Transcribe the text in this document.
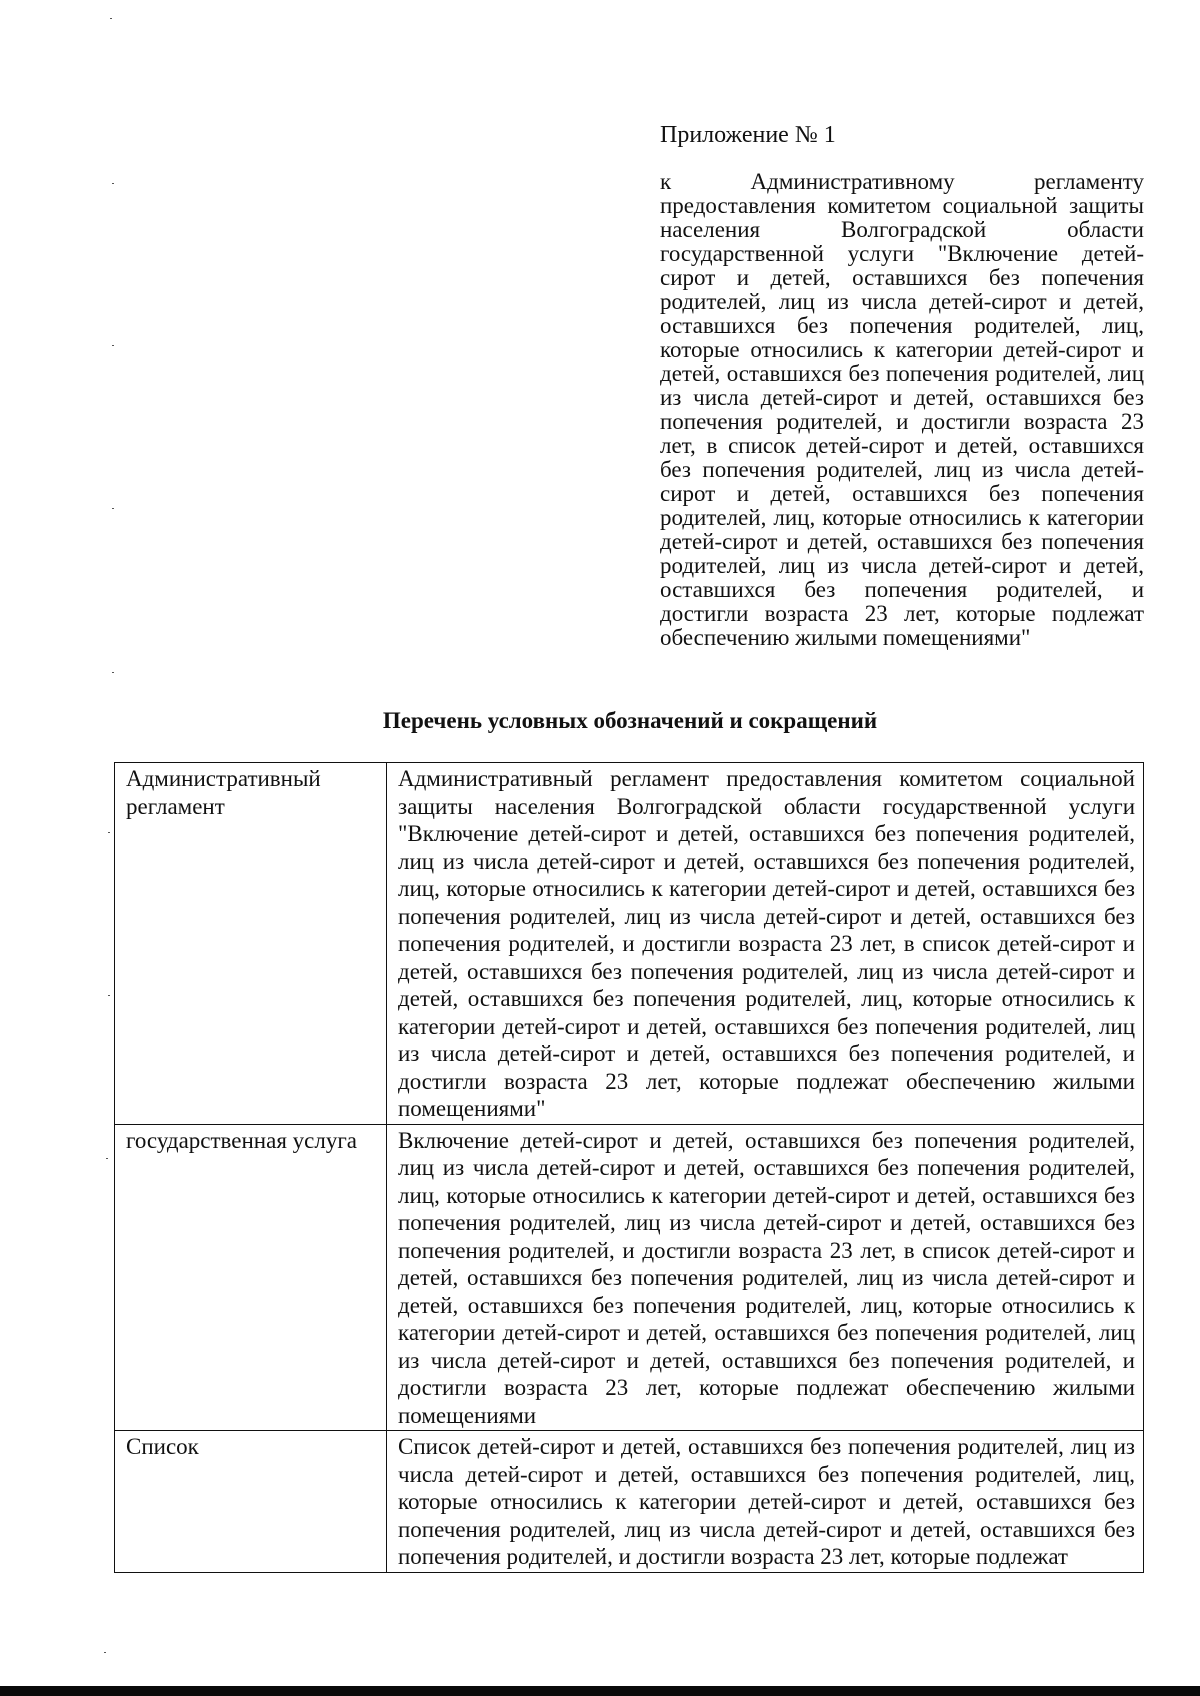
Приложение № 1
к Административному регламенту предоставления комитетом социальной защиты населения Волгоградской области государственной услуги "Включение детей-сирот и детей, оставшихся без попечения родителей, лиц из числа детей-сирот и детей, оставшихся без попечения родителей, лиц, которые относились к категории детей-сирот и детей, оставшихся без попечения родителей, лиц из числа детей-сирот и детей, оставшихся без попечения родителей, и достигли возраста 23 лет, в список детей-сирот и детей, оставшихся без попечения родителей, лиц из числа детей-сирот и детей, оставшихся без попечения родителей, лиц, которые относились к категории детей-сирот и детей, оставшихся без попечения родителей, лиц из числа детей-сирот и детей, оставшихся без попечения родителей, и достигли возраста 23 лет, которые подлежат обеспечению жилыми помещениями"
Перечень условных обозначений и сокращений
Административный регламент	Административный регламент предоставления комитетом социальной защиты населения Волгоградской области государственной услуги "Включение детей-сирот и детей, оставшихся без попечения родителей, лиц из числа детей-сирот и детей, оставшихся без попечения родителей, лиц, которые относились к категории детей-сирот и детей, оставшихся без попечения родителей, лиц из числа детей-сирот и детей, оставшихся без попечения родителей, и достигли возраста 23 лет, в список детей-сирот и детей, оставшихся без попечения родителей, лиц из числа детей-сирот и детей, оставшихся без попечения родителей, лиц, которые относились к категории детей-сирот и детей, оставшихся без попечения родителей, лиц из числа детей-сирот и детей, оставшихся без попечения родителей, и достигли возраста 23 лет, которые подлежат обеспечению жилыми помещениями"
государственная услуга	Включение детей-сирот и детей, оставшихся без попечения родителей, лиц из числа детей-сирот и детей, оставшихся без попечения родителей, лиц, которые относились к категории детей-сирот и детей, оставшихся без попечения родителей, лиц из числа детей-сирот и детей, оставшихся без попечения родителей, и достигли возраста 23 лет, в список детей-сирот и детей, оставшихся без попечения родителей, лиц из числа детей-сирот и детей, оставшихся без попечения родителей, лиц, которые относились к категории детей-сирот и детей, оставшихся без попечения родителей, лиц из числа детей-сирот и детей, оставшихся без попечения родителей, и достигли возраста 23 лет, которые подлежат обеспечению жилыми помещениями
Список	Список детей-сирот и детей, оставшихся без попечения родителей, лиц из числа детей-сирот и детей, оставшихся без попечения родителей, лиц, которые относились к категории детей-сирот и детей, оставшихся без попечения родителей, лиц из числа детей-сирот и детей, оставшихся без попечения родителей, и достигли возраста 23 лет, которые подлежат
